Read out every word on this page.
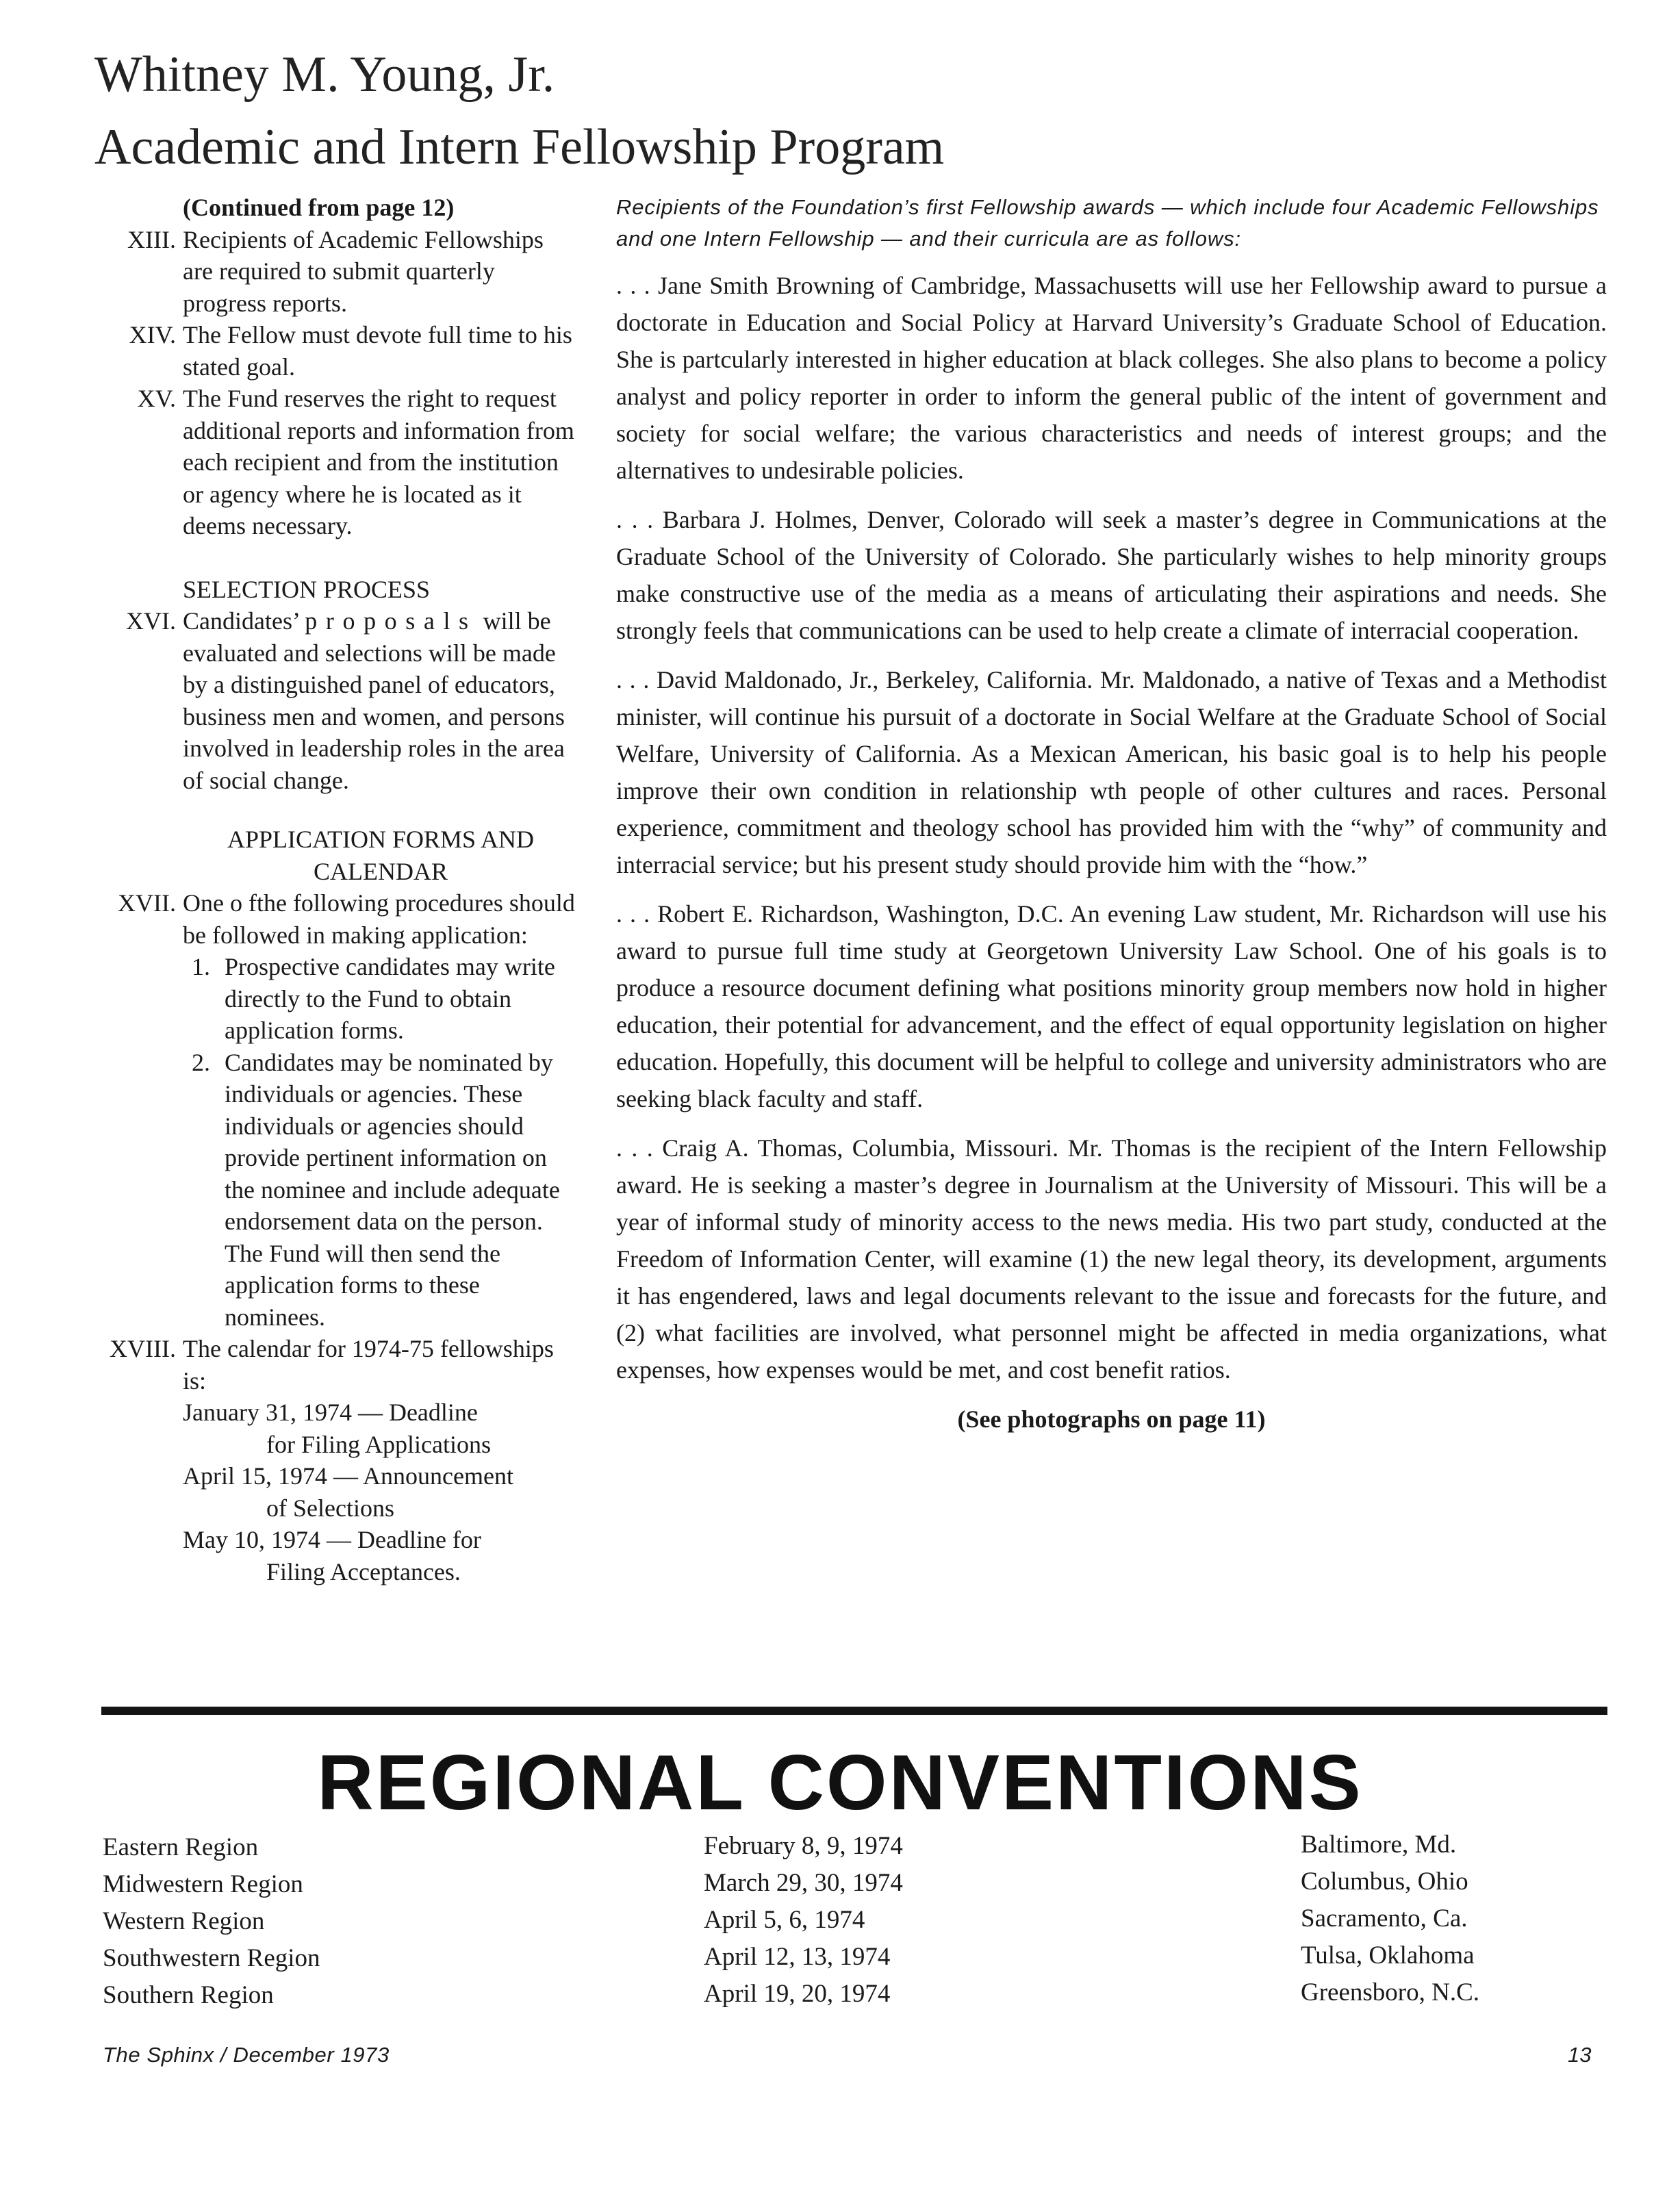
Whitney M. Young, Jr.
Academic and Intern Fellowship Program

(Continued from page 12)

XIII. Recipients of Academic Fellowships are required to submit quarterly progress reports.

XIV. The Fellow must devote full time to his stated goal.

XV. The Fund reserves the right to request additional reports and information from each recipient and from the institution or agency where he is located as it deems necessary.

SELECTION PROCESS

XVI. Candidates’ proposals will be evaluated and selections will be made by a distinguished panel of educators, business men and women, and persons involved in leadership roles in the area of social change.

APPLICATION FORMS AND CALENDAR

XVII. One o fthe following procedures should be followed in making application:

1. Prospective candidates may write directly to the Fund to obtain application forms.

2. Candidates may be nominated by individuals or agencies. These individuals or agencies should provide pertinent information on the nominee and include adequate endorsement data on the person. The Fund will then send the application forms to these nominees.

XVIII. The calendar for 1974-75 fellowships is:
January 31, 1974 — Deadline
for Filing Applications
April 15, 1974 — Announcement
of Selections
May 10, 1974 — Deadline for
Filing Acceptances.

Recipients of the Foundation’s first Fellowship awards — which include four Academic Fellowships and one Intern Fellowship — and their curricula are as follows:

. . . Jane Smith Browning of Cambridge, Massachusetts will use her Fellowship award to pursue a doctorate in Education and Social Policy at Harvard University’s Graduate School of Education. She is partcularly interested in higher education at black colleges. She also plans to become a policy analyst and policy reporter in order to inform the general public of the intent of government and society for social welfare; the various characteristics and needs of interest groups; and the alternatives to undesirable policies.

. . . Barbara J. Holmes, Denver, Colorado will seek a master’s degree in Communications at the Graduate School of the University of Colorado. She particularly wishes to help minority groups make constructive use of the media as a means of articulating their aspirations and needs. She strongly feels that communications can be used to help create a climate of interracial cooperation.

. . . David Maldonado, Jr., Berkeley, California. Mr. Maldonado, a native of Texas and a Methodist minister, will continue his pursuit of a doctorate in Social Welfare at the Graduate School of Social Welfare, University of California. As a Mexican American, his basic goal is to help his people improve their own condition in relationship wth people of other cultures and races. Personal experience, commitment and theology school has provided him with the “why” of community and interracial service; but his present study should provide him with the “how.”

. . . Robert E. Richardson, Washington, D.C. An evening Law student, Mr. Richardson will use his award to pursue full time study at Georgetown University Law School. One of his goals is to produce a resource document defining what positions minority group members now hold in higher education, their potential for advancement, and the effect of equal opportunity legislation on higher education. Hopefully, this document will be helpful to college and university administrators who are seeking black faculty and staff.

. . . Craig A. Thomas, Columbia, Missouri. Mr. Thomas is the recipient of the Intern Fellowship award. He is seeking a master’s degree in Journalism at the University of Missouri. This will be a year of informal study of minority access to the news media. His two part study, conducted at the Freedom of Information Center, will examine (1) the new legal theory, its development, arguments it has engendered, laws and legal documents relevant to the issue and forecasts for the future, and (2) what facilities are involved, what personnel might be affected in media organizations, what expenses, how expenses would be met, and cost benefit ratios.

(See photographs on page 11)

REGIONAL CONVENTIONS
Eastern Region
Midwestern Region
Western Region
Southwestern Region
Southern Region
February 8, 9, 1974
March 29, 30, 1974
April 5, 6, 1974
April 12, 13, 1974
April 19, 20, 1974
Baltimore, Md.
Columbus, Ohio
Sacramento, Ca.
Tulsa, Oklahoma
Greensboro, N.C.
The Sphinx / December 1973	13
